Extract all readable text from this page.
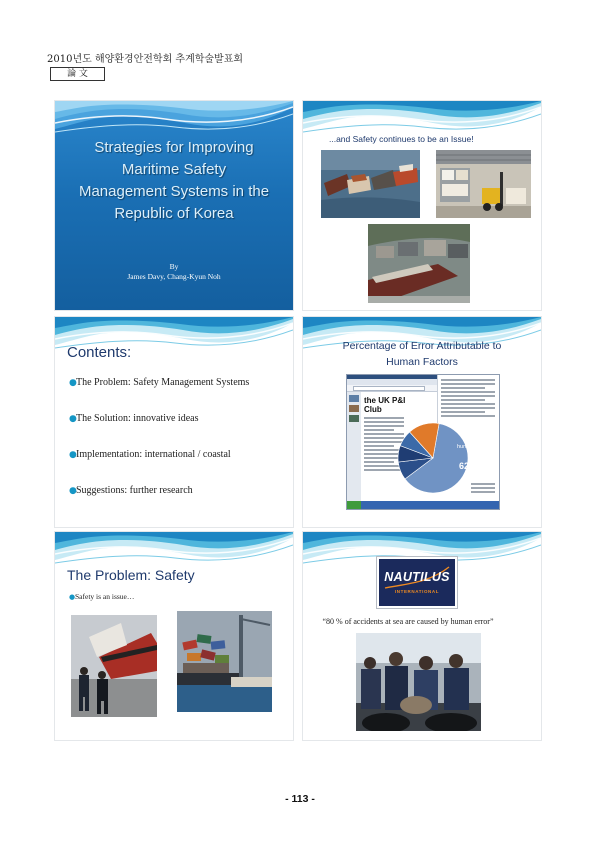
2010년도 해양환경안전학회 추계학술발표회
論 文
Strategies for Improving
Maritime Safety
Management Systems in the
Republic of Korea
By
James Davy, Chang-Kyun Noh
...and Safety continues to be an Issue!
Contents:
● The Problem: Safety Management Systems
● The Solution: innovative ideas
● Implementation: international / coastal
● Suggestions: further research
Percentage of Error Attributable to
Human Factors
the UK P&I
Club
human factor
62%
The Problem: Safety
● Safety is an issue…
NAUTILUS
INTERNATIONAL
“80 % of accidents at sea are caused by human error”
- 113 -
